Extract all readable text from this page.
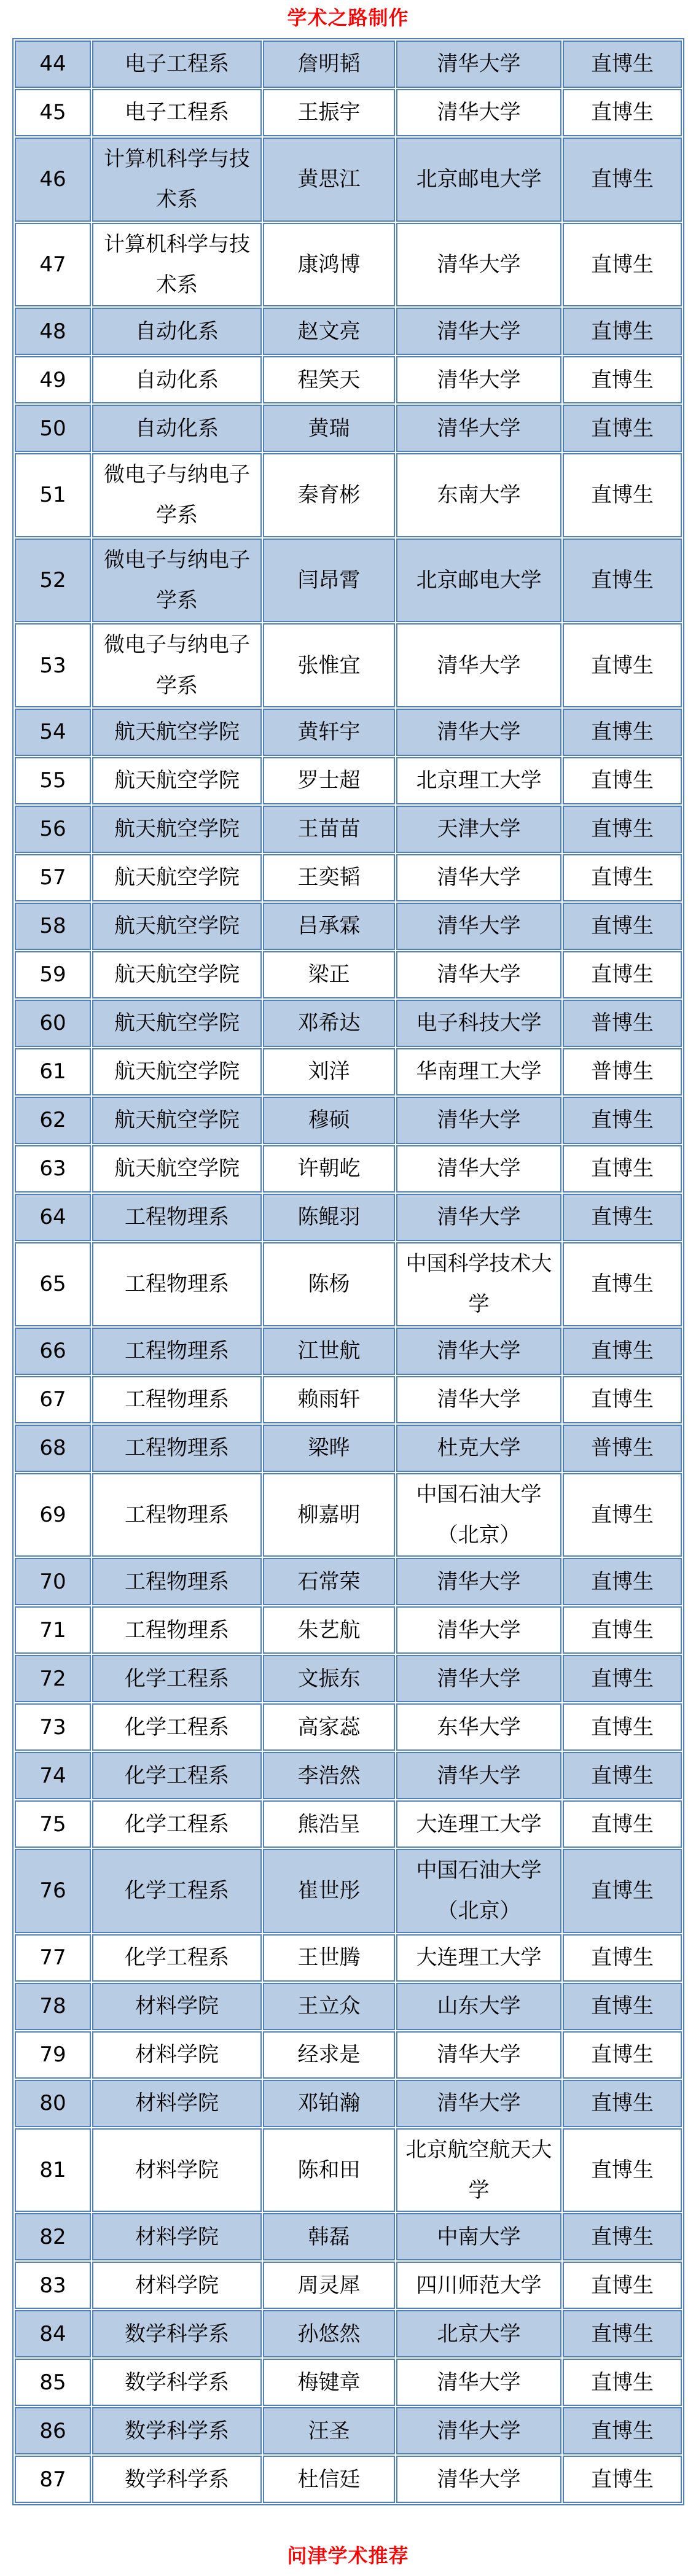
学术之路制作
44	电子工程系	詹明韬	清华大学	直博生
45	电子工程系	王振宇	清华大学	直博生
46	计算机科学与技术系	黄思江	北京邮电大学	直博生
47	计算机科学与技术系	康鸿博	清华大学	直博生
48	自动化系	赵文亮	清华大学	直博生
49	自动化系	程笑天	清华大学	直博生
50	自动化系	黄瑞	清华大学	直博生
51	微电子与纳电子学系	秦育彬	东南大学	直博生
52	微电子与纳电子学系	闫昂霄	北京邮电大学	直博生
53	微电子与纳电子学系	张惟宜	清华大学	直博生
54	航天航空学院	黄轩宇	清华大学	直博生
55	航天航空学院	罗士超	北京理工大学	直博生
56	航天航空学院	王苗苗	天津大学	直博生
57	航天航空学院	王奕韬	清华大学	直博生
58	航天航空学院	吕承霖	清华大学	直博生
59	航天航空学院	梁正	清华大学	直博生
60	航天航空学院	邓希达	电子科技大学	普博生
61	航天航空学院	刘洋	华南理工大学	普博生
62	航天航空学院	穆硕	清华大学	直博生
63	航天航空学院	许朝屹	清华大学	直博生
64	工程物理系	陈鲲羽	清华大学	直博生
65	工程物理系	陈杨	中国科学技术大学	直博生
66	工程物理系	江世航	清华大学	直博生
67	工程物理系	赖雨轩	清华大学	直博生
68	工程物理系	梁晔	杜克大学	普博生
69	工程物理系	柳嘉明	中国石油大学（北京）	直博生
70	工程物理系	石常荣	清华大学	直博生
71	工程物理系	朱艺航	清华大学	直博生
72	化学工程系	文振东	清华大学	直博生
73	化学工程系	高家蕊	东华大学	直博生
74	化学工程系	李浩然	清华大学	直博生
75	化学工程系	熊浩呈	大连理工大学	直博生
76	化学工程系	崔世彤	中国石油大学（北京）	直博生
77	化学工程系	王世腾	大连理工大学	直博生
78	材料学院	王立众	山东大学	直博生
79	材料学院	经求是	清华大学	直博生
80	材料学院	邓铂瀚	清华大学	直博生
81	材料学院	陈和田	北京航空航天大学	直博生
82	材料学院	韩磊	中南大学	直博生
83	材料学院	周灵犀	四川师范大学	直博生
84	数学科学系	孙悠然	北京大学	直博生
85	数学科学系	梅键章	清华大学	直博生
86	数学科学系	汪圣	清华大学	直博生
87	数学科学系	杜信廷	清华大学	直博生
问津学术推荐
